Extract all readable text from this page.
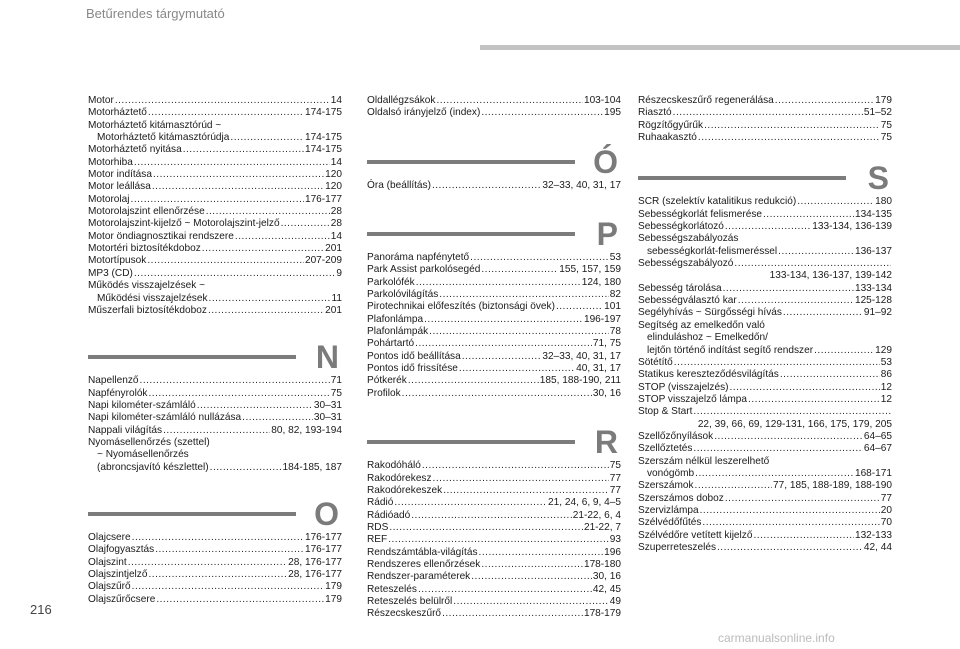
Betűrendes tárgymutató
Motor .....	14
Motorháztető .....	174-175
Motorháztető kitámasztórúd ~
Motorháztető kitámasztórúdja .....	174-175
Motorháztető nyitása .....	174-175
Motorhiba .....	14
Motor indítása .....	120
Motor leállása .....	120
Motorolaj .....	176-177
Motorolajszint ellenőrzése .....	28
Motorolajszint-kijelző ~ Motorolajszint-jelző .....	28
Motor öndiagnosztikai rendszere .....	14
Motortéri biztosítékdoboz .....	201
Motortípusok .....	207-209
MP3 (CD) .....	9
Működés visszajelzések ~
Működési visszajelzések .....	11
Műszerfali biztosítékdoboz .....	201
N
Napellenző .....	71
Napfényrolók .....	75
Napi kilométer-számláló .....	30–31
Napi kilométer-számláló nullázása .....	30–31
Nappali világítás .....	80, 82, 193-194
Nyomásellenőrzés (szettel)
~ Nyomásellenőrzés
(abroncsjavító készlettel) .....	184-185, 187
O
Olajcsere .....	176-177
Olajfogyasztás .....	176-177
Olajszint .....	28, 176-177
Olajszintjelző .....	28, 176-177
Olajszűrő .....	179
Olajszűrőcsere .....	179
Oldallégzsákok .....	103-104
Oldalsó irányjelző (index) .....	195
Ó
Óra (beállítás) .....	32–33, 40, 31, 17
P
Panoráma napfénytető .....	53
Park Assist parkolósegéd .....	155, 157, 159
Parkolófék .....	124, 180
Parkolóvilágítás .....	82
Pirotechnikai előfeszítés (biztonsági övek) .....	101
Plafonlámpa .....	196-197
Plafonlámpák .....	78
Pohártartó .....	71, 75
Pontos idő beállítása .....	32–33, 40, 31, 17
Pontos idő frissítése .....	40, 31, 17
Pótkerék .....	185, 188-190, 211
Profilok .....	30, 16
R
Rakodóháló .....	75
Rakodórekesz .....	77
Rakodórekeszek .....	77
Rádió .....	21, 24, 6, 9, 4–5
Rádióadó .....	21-22, 6, 4
RDS .....	21-22, 7
REF .....	93
Rendszámtábla-világítás .....	196
Rendszeres ellenőrzések .....	178-180
Rendszer-paraméterek .....	30, 16
Reteszelés .....	42, 45
Reteszelés belülről .....	49
Részecskeszűrő .....	178-179
Részecskeszűrő regenerálása .....	179
Riasztó .....	51–52
Rögzítőgyűrűk .....	75
Ruhaakasztó .....	75
S
SCR (szelektív katalitikus redukció) .....	180
Sebességkorlát felismerése .....	134-135
Sebességkorlátozó .....	133-134, 136-139
Sebességszabályozás
sebességkorlát-felismeréssel .....	136-137
Sebességszabályozó
.....
133-134, 136-137, 139-142
Sebesség tárolása .....	133-134
Sebességválasztó kar .....	125-128
Segélyhívás ~ Sürgősségi hívás .....	91–92
Segítség az emelkedőn való
elinduláshoz ~ Emelkedőn/
lejtőn történő indítást segítő rendszer .....	129
Sötétítő .....	53
Statikus kereszteződésvilágítás .....	86
STOP (visszajelzés) .....	12
STOP visszajelző lámpa .....	12
Stop & Start
.....
22, 39, 66, 69, 129-131, 166, 175, 179, 205
Szellőzőnyílások .....	64–65
Szellőztetés .....	64–67
Szerszám nélkül leszerelhető
vonógömb .....	168-171
Szerszámok .....	77, 185, 188-189, 188-190
Szerszámos doboz .....	77
Szervizlámpa .....	20
Szélvédőfűtés .....	70
Szélvédőre vetített kijelző .....	132-133
Szuperreteszelés .....	42, 44
216
carmanualsonline.info
